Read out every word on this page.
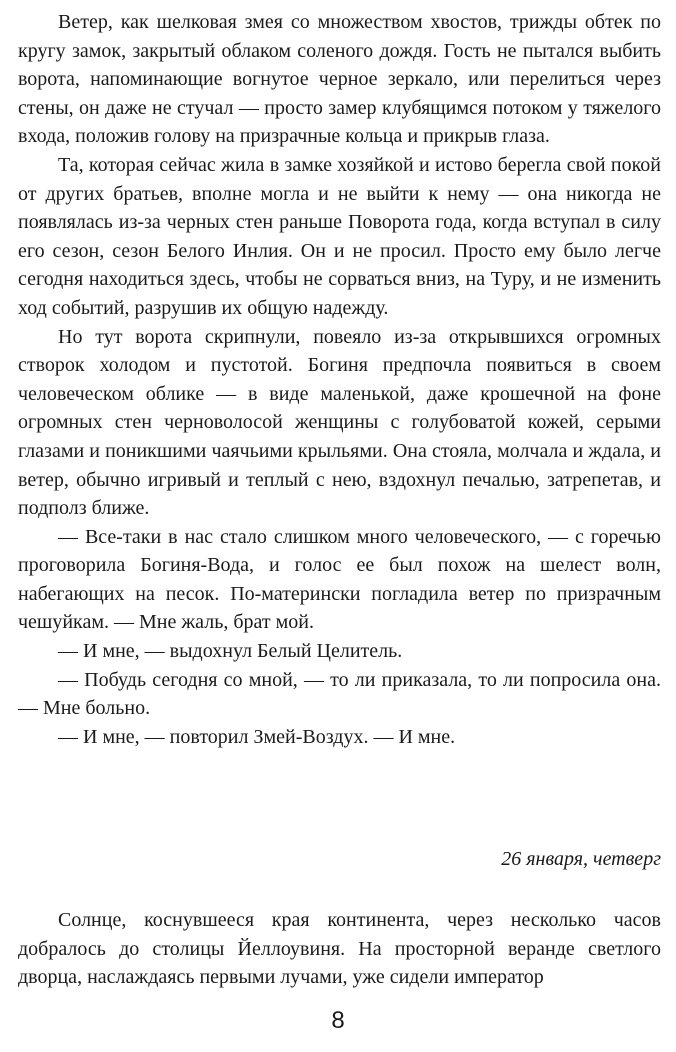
Ветер, как шелковая змея со множеством хвостов, трижды обтек по кругу замок, закрытый облаком соленого дождя. Гость не пытался выбить ворота, напоминающие вогнутое черное зеркало, или перелиться через стены, он даже не стучал — просто замер клубящимся потоком у тяжелого входа, положив голову на призрачные кольца и прикрыв глаза.

Та, которая сейчас жила в замке хозяйкой и истово берегла свой покой от других братьев, вполне могла и не выйти к нему — она никогда не появлялась из-за черных стен раньше Поворота года, когда вступал в силу его сезон, сезон Белого Инлия. Он и не просил. Просто ему было легче сегодня находиться здесь, чтобы не сорваться вниз, на Туру, и не изменить ход событий, разрушив их общую надежду.

Но тут ворота скрипнули, повеяло из-за открывшихся огромных створок холодом и пустотой. Богиня предпочла появиться в своем человеческом облике — в виде маленькой, даже крошечной на фоне огромных стен черноволосой женщины с голубоватой кожей, серыми глазами и поникшими чаячьими крыльями. Она стояла, молчала и ждала, и ветер, обычно игривый и теплый с нею, вздохнул печалью, затрепетав, и подполз ближе.

— Все-таки в нас стало слишком много человеческого, — с горечью проговорила Богиня-Вода, и голос ее был похож на шелест волн, набегающих на песок. По-матерински погладила ветер по призрачным чешуйкам. — Мне жаль, брат мой.

— И мне, — выдохнул Белый Целитель.

— Побудь сегодня со мной, — то ли приказала, то ли попросила она. — Мне больно.

— И мне, — повторил Змей-Воздух. — И мне.

26 января, четверг

Солнце, коснувшееся края континента, через несколько часов добралось до столицы Йеллоувиня. На просторной веранде светлого дворца, наслаждаясь первыми лучами, уже сидели император

8
